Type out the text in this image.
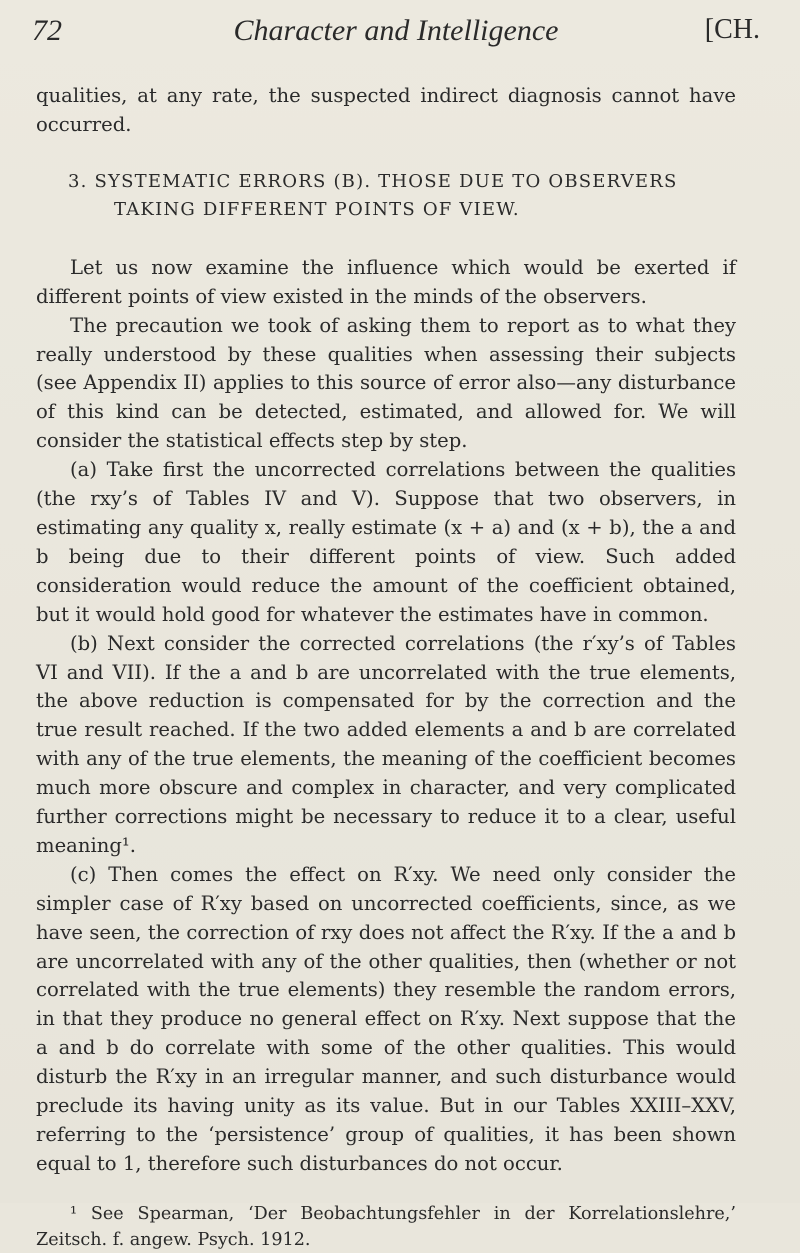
72	Character and Intelligence	[CH.

qualities, at any rate, the suspected indirect diagnosis cannot have occurred.

3. SYSTEMATIC ERRORS (B). THOSE DUE TO OBSERVERS
TAKING DIFFERENT POINTS OF VIEW.

Let us now examine the influence which would be exerted if different points of view existed in the minds of the observers.

The precaution we took of asking them to report as to what they really understood by these qualities when assessing their subjects (see Appendix II) applies to this source of error also—any disturbance of this kind can be detected, estimated, and allowed for. We will consider the statistical effects step by step.

(a) Take first the uncorrected correlations between the qualities (the rxy’s of Tables IV and V). Suppose that two observers, in estimating any quality x, really estimate (x + a) and (x + b), the a and b being due to their different points of view. Such added consideration would reduce the amount of the coefficient obtained, but it would hold good for whatever the estimates have in common.

(b) Next consider the corrected correlations (the r′xy’s of Tables VI and VII). If the a and b are uncorrelated with the true elements, the above reduction is compensated for by the correction and the true result reached. If the two added elements a and b are correlated with any of the true elements, the meaning of the coefficient becomes much more obscure and complex in character, and very complicated further corrections might be necessary to reduce it to a clear, useful meaning¹.

(c) Then comes the effect on R′xy. We need only consider the simpler case of R′xy based on uncorrected coefficients, since, as we have seen, the correction of rxy does not affect the R′xy. If the a and b are uncorrelated with any of the other qualities, then (whether or not correlated with the true elements) they resemble the random errors, in that they produce no general effect on R′xy. Next suppose that the a and b do correlate with some of the other qualities. This would disturb the R′xy in an irregular manner, and such disturbance would preclude its having unity as its value. But in our Tables XXIII–XXV, referring to the ‘persistence’ group of qualities, it has been shown equal to 1, therefore such disturbances do not occur.

¹ See Spearman, ‘Der Beobachtungsfehler in der Korrelationslehre,’ Zeitsch. f. angew. Psych. 1912.
